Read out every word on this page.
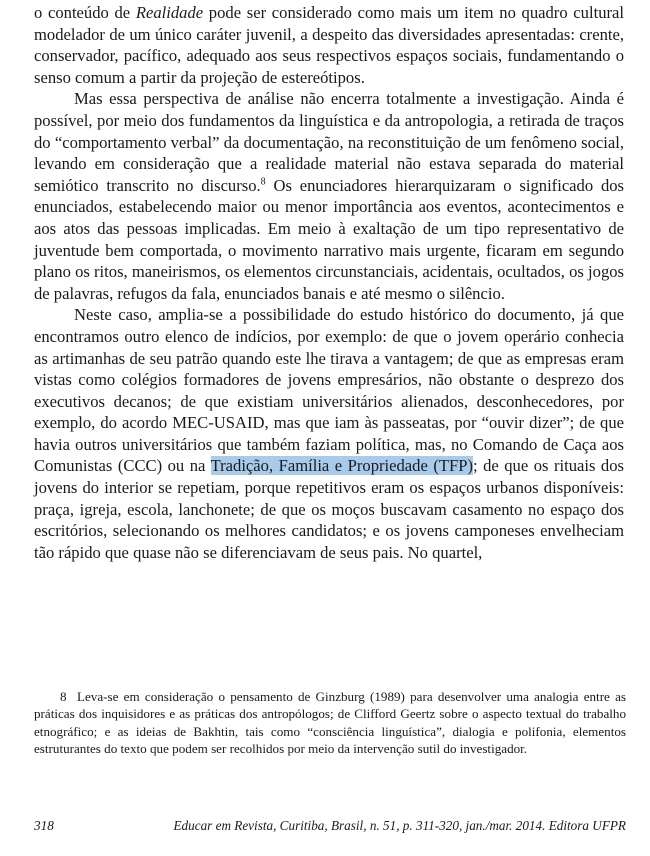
o conteúdo de Realidade pode ser considerado como mais um item no quadro cultural modelador de um único caráter juvenil, a despeito das diversidades apresentadas: crente, conservador, pacífico, adequado aos seus respectivos espaços sociais, fundamentando o senso comum a partir da projeção de estereótipos.

Mas essa perspectiva de análise não encerra totalmente a investigação. Ainda é possível, por meio dos fundamentos da linguística e da antropologia, a retirada de traços do “comportamento verbal” da documentação, na reconstituição de um fenômeno social, levando em consideração que a realidade material não estava separada do material semiótico transcrito no discurso.$^8$ Os enunciadores hierarquizaram o significado dos enunciados, estabelecendo maior ou menor importância aos eventos, acontecimentos e aos atos das pessoas implicadas. Em meio à exaltação de um tipo representativo de juventude bem comportada, o movimento narrativo mais urgente, ficaram em segundo plano os ritos, maneirismos, os elementos circunstanciais, acidentais, ocultados, os jogos de palavras, refugos da fala, enunciados banais e até mesmo o silêncio.

Neste caso, amplia-se a possibilidade do estudo histórico do documento, já que encontramos outro elenco de indícios, por exemplo: de que o jovem operário conhecia as artimanhas de seu patrão quando este lhe tirava a vantagem; de que as empresas eram vistas como colégios formadores de jovens empresários, não obstante o desprezo dos executivos decanos; de que existiam universitários alienados, desconhecedores, por exemplo, do acordo MEC-USAID, mas que iam às passeatas, por “ouvir dizer”; de que havia outros universitários que também faziam política, mas, no Comando de Caça aos Comunistas (CCC) ou na Tradição, Família e Propriedade (TFP); de que os rituais dos jovens do interior se repetiam, porque repetitivos eram os espaços urbanos disponíveis: praça, igreja, escola, lanchonete; de que os moços buscavam casamento no espaço dos escritórios, selecionando os melhores candidatos; e os jovens camponeses envelheciam tão rápido que quase não se diferenciavam de seus pais. No quartel,

8 Leva-se em consideração o pensamento de Ginzburg (1989) para desenvolver uma analogia entre as práticas dos inquisidores e as práticas dos antropólogos; de Clifford Geertz sobre o aspecto textual do trabalho etnográfico; e as ideias de Bakhtin, tais como “consciência linguística”, dialogia e polifonia, elementos estruturantes do texto que podem ser recolhidos por meio da intervenção sutil do investigador.

318	Educar em Revista, Curitiba, Brasil, n. 51, p. 311-320, jan./mar. 2014. Editora UFPR
